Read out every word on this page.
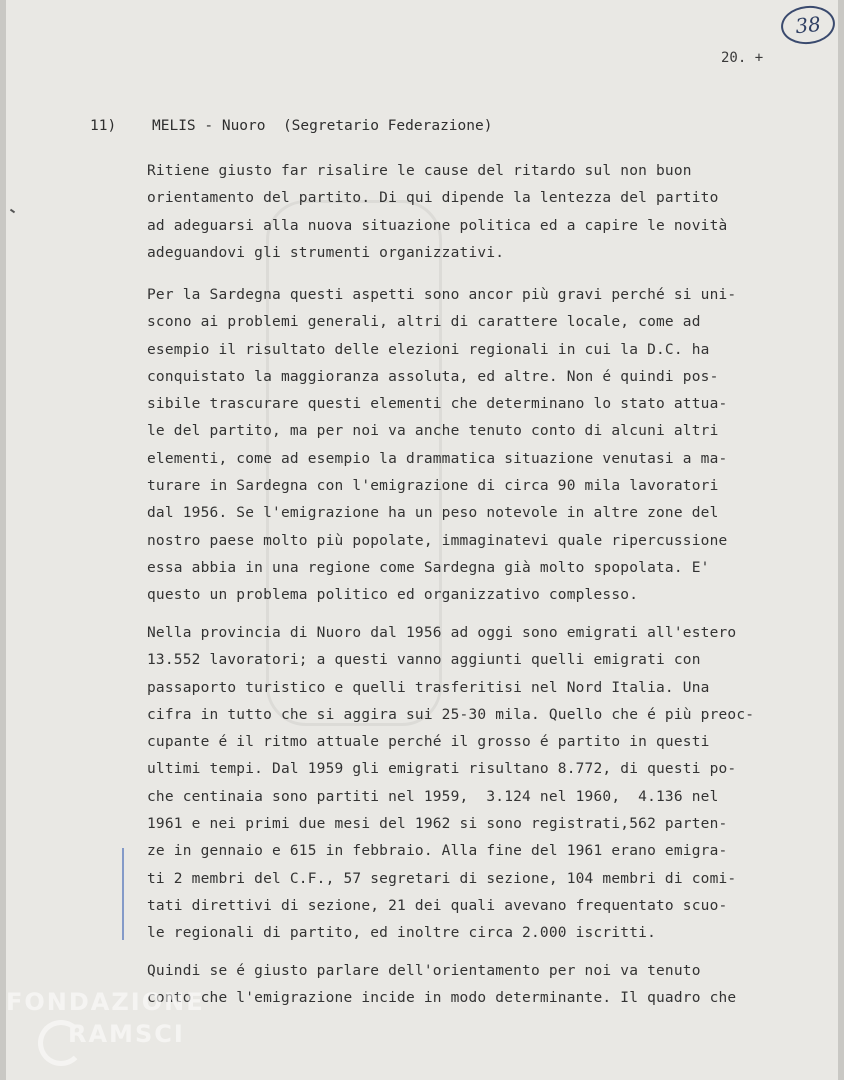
38
20. +
11) MELIS - Nuoro  (Segretario Federazione)
Ritiene giusto far risalire le cause del ritardo sul non buon
orientamento del partito. Di qui dipende la lentezza del partito
ad adeguarsi alla nuova situazione politica ed a capire le novità
adeguandovi gli strumenti organizzativi.
Per la Sardegna questi aspetti sono ancor più gravi perché si uni-
scono ai problemi generali, altri di carattere locale, come ad
esempio il risultato delle elezioni regionali in cui la D.C. ha
conquistato la maggioranza assoluta, ed altre. Non é quindi pos-
sibile trascurare questi elementi che determinano lo stato attua-
le del partito, ma per noi va anche tenuto conto di alcuni altri
elementi, come ad esempio la drammatica situazione venutasi a ma-
turare in Sardegna con l'emigrazione di circa 90 mila lavoratori
dal 1956. Se l'emigrazione ha un peso notevole in altre zone del
nostro paese molto più popolate, immaginatevi quale ripercussione
essa abbia in una regione come Sardegna già molto spopolata. E'
questo un problema politico ed organizzativo complesso.
Nella provincia di Nuoro dal 1956 ad oggi sono emigrati all'estero
13.552 lavoratori; a questi vanno aggiunti quelli emigrati con
passaporto turistico e quelli trasferitisi nel Nord Italia. Una
cifra in tutto che si aggira sui 25-30 mila. Quello che é più preoc-
cupante é il ritmo attuale perché il grosso é partito in questi
ultimi tempi. Dal 1959 gli emigrati risultano 8.772, di questi po-
che centinaia sono partiti nel 1959,  3.124 nel 1960,  4.136 nel
1961 e nei primi due mesi del 1962 si sono registrati,562 parten-
ze in gennaio e 615 in febbraio. Alla fine del 1961 erano emigra-
ti 2 membri del C.F., 57 segretari di sezione, 104 membri di comi-
tati direttivi di sezione, 21 dei quali avevano frequentato scuo-
le regionali di partito, ed inoltre circa 2.000 iscritti.
Quindi se é giusto parlare dell'orientamento per noi va tenuto
conto che l'emigrazione incide in modo determinante. Il quadro che
FONDAZIONE
RAMSCI
